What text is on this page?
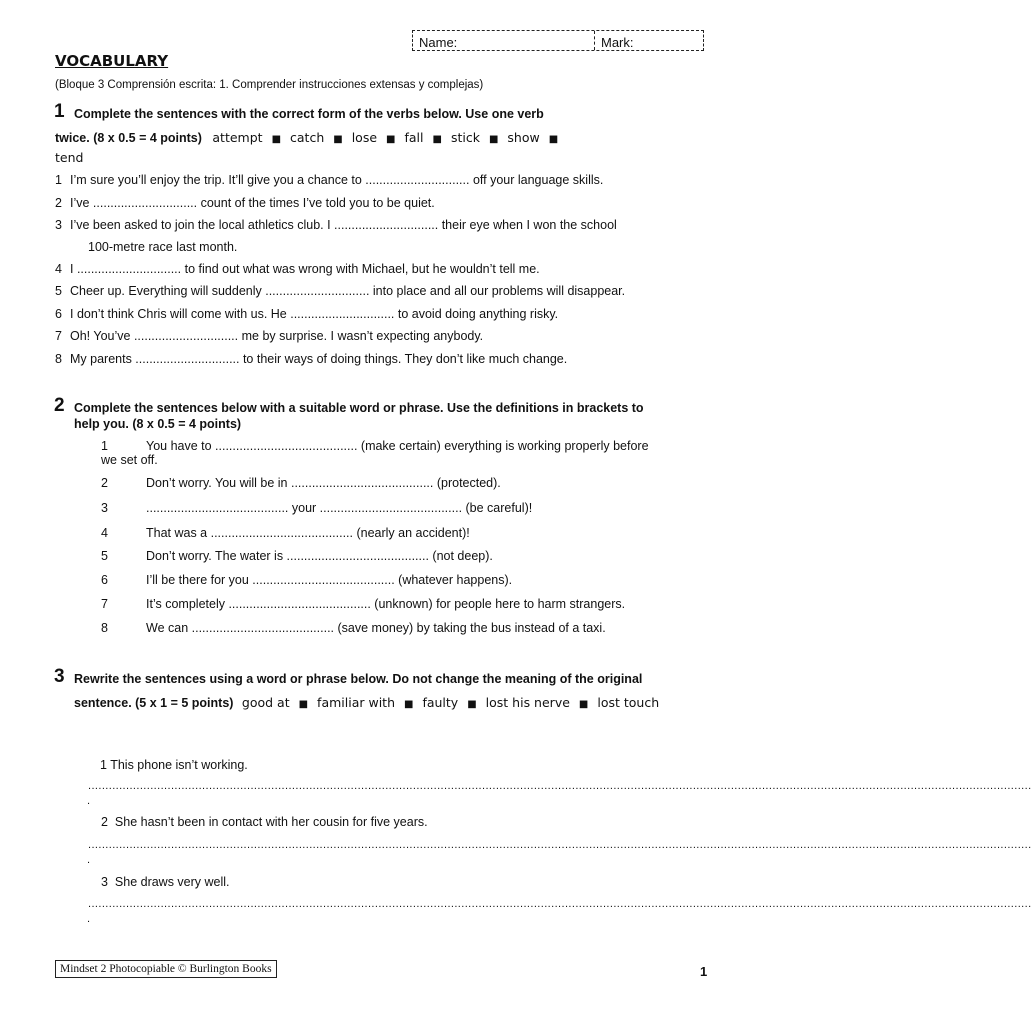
Name:	Mark:
VOCABULARY
(Bloque 3 Comprensión escrita: 1. Comprender instrucciones extensas y complejas)
1 Complete the sentences with the correct form of the verbs below. Use one verb
twice. (8 x 0.5 = 4 points) attempt ■ catch ■ lose ■ fall ■ stick ■ show ■
tend
1 I’m sure you’ll enjoy the trip. It’ll give you a chance to .............................. off your language skills.
2 I’ve .............................. count of the times I’ve told you to be quiet.
3 I’ve been asked to join the local athletics club. I .............................. their eye when I won the school
100-metre race last month.
4 I .............................. to find out what was wrong with Michael, but he wouldn’t tell me.
5 Cheer up. Everything will suddenly .............................. into place and all our problems will disappear.
6 I don’t think Chris will come with us. He .............................. to avoid doing anything risky.
7 Oh! You’ve .............................. me by surprise. I wasn’t expecting anybody.
8 My parents .............................. to their ways of doing things. They don’t like much change.
2 Complete the sentences below with a suitable word or phrase. Use the definitions in brackets to
help you. (8 x 0.5 = 4 points)
1	You have to ......................................... (make certain) everything is working properly before
we set off.
2	Don’t worry. You will be in ......................................... (protected).
3	......................................... your ......................................... (be careful)!
4	That was a ......................................... (nearly an accident)!
5	Don’t worry. The water is ......................................... (not deep).
6	I’ll be there for you ......................................... (whatever happens).
7	It’s completely ......................................... (unknown) for people here to harm strangers.
8	We can ......................................... (save money) by taking the bus instead of a taxi.
3 Rewrite the sentences using a word or phrase below. Do not change the meaning of the original
sentence. (5 x 1 = 5 points) good at ■ familiar with ■ faulty ■ lost his nerve ■ lost touch
1 This phone isn’t working.
.................................................................................................................................................................................................................................................................................
.
2 She hasn’t been in contact with her cousin for five years.
.................................................................................................................................................................................................................................................................................
.
3 She draws very well.
.................................................................................................................................................................................................................................................................................
.
Mindset 2 Photocopiable © Burlington Books	1
